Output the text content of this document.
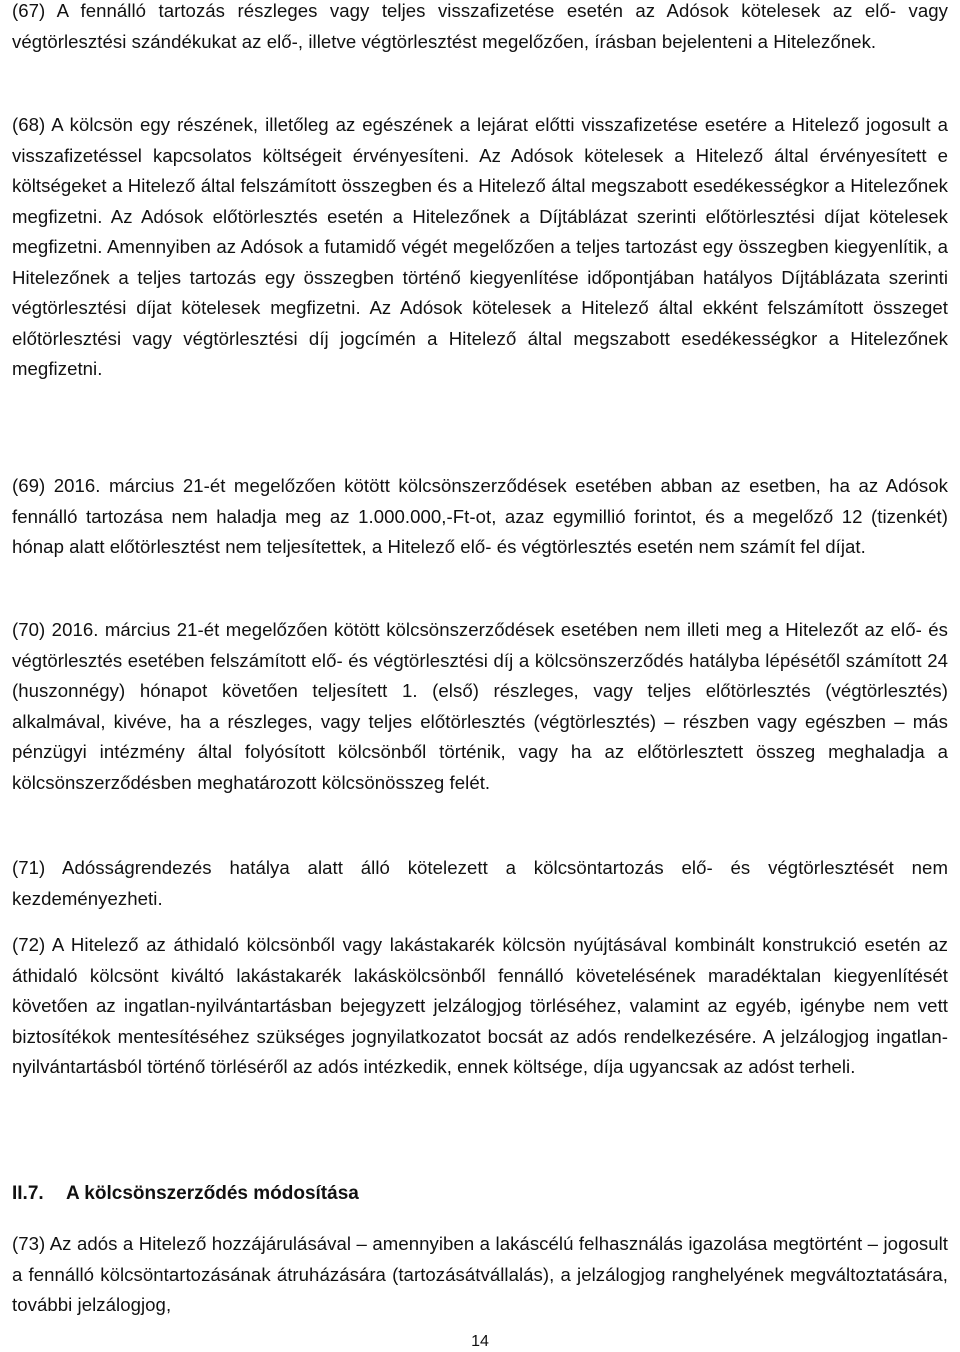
(67) A fennálló tartozás részleges vagy teljes visszafizetése esetén az Adósok kötelesek az elő- vagy végtörlesztési szándékukat az elő-, illetve végtörlesztést megelőzően, írásban bejelenteni a Hitelezőnek.

(68) A kölcsön egy részének, illetőleg az egészének a lejárat előtti visszafizetése esetére a Hitelező jogosult a visszafizetéssel kapcsolatos költségeit érvényesíteni. Az Adósok kötelesek a Hitelező által érvényesített e költségeket a Hitelező által felszámított összegben és a Hitelező által megszabott esedékességkor a Hitelezőnek megfizetni. Az Adósok előtörlesztés esetén a Hitelezőnek a Díjtáblázat szerinti előtörlesztési díjat kötelesek megfizetni. Amennyiben az Adósok a futamidő végét megelőzően a teljes tartozást egy összegben kiegyenlítik, a Hitelezőnek a teljes tartozás egy összegben történő kiegyenlítése időpontjában hatályos Díjtáblázata szerinti végtörlesztési díjat kötelesek megfizetni. Az Adósok kötelesek a Hitelező által ekként felszámított összeget előtörlesztési vagy végtörlesztési díj jogcímén a Hitelező által megszabott esedékességkor a Hitelezőnek megfizetni.

(69) 2016. március 21-ét megelőzően kötött kölcsönszerződések esetében abban az esetben, ha az Adósok fennálló tartozása nem haladja meg az 1.000.000,-Ft-ot, azaz egymillió forintot, és a megelőző 12 (tizenkét) hónap alatt előtörlesztést nem teljesítettek, a Hitelező elő- és végtörlesztés esetén nem számít fel díjat.

(70) 2016. március 21-ét megelőzően kötött kölcsönszerződések esetében nem illeti meg a Hitelezőt az elő- és végtörlesztés esetében felszámított elő- és végtörlesztési díj a kölcsönszerződés hatályba lépésétől számított 24 (huszonnégy) hónapot követően teljesített 1. (első) részleges, vagy teljes előtörlesztés (végtörlesztés) alkalmával, kivéve, ha a részleges, vagy teljes előtörlesztés (végtörlesztés) – részben vagy egészben – más pénzügyi intézmény által folyósított kölcsönből történik, vagy ha az előtörlesztett összeg meghaladja a kölcsönszerződésben meghatározott kölcsönösszeg felét.

(71) Adósságrendezés hatálya alatt álló kötelezett a kölcsöntartozás elő- és végtörlesztését nem kezdeményezheti.

(72) A Hitelező az áthidaló kölcsönből vagy lakástakarék kölcsön nyújtásával kombinált konstrukció esetén az áthidaló kölcsönt kiváltó lakástakarék lakáskölcsönből fennálló követelésének maradéktalan kiegyenlítését követően az ingatlan-nyilvántartásban bejegyzett jelzálogjog törléséhez, valamint az egyéb, igénybe nem vett biztosítékok mentesítéséhez szükséges jognyilatkozatot bocsát az adós rendelkezésére. A jelzálogjog ingatlan-nyilvántartásból történő törléséről az adós intézkedik, ennek költsége, díja ugyancsak az adóst terheli.

II.7. A kölcsönszerződés módosítása

(73) Az adós a Hitelező hozzájárulásával – amennyiben a lakáscélú felhasználás igazolása megtörtént – jogosult a fennálló kölcsöntartozásának átruházására (tartozásátvállalás), a jelzálogjog ranghelyének megváltoztatására, további jelzálogjog,

14
